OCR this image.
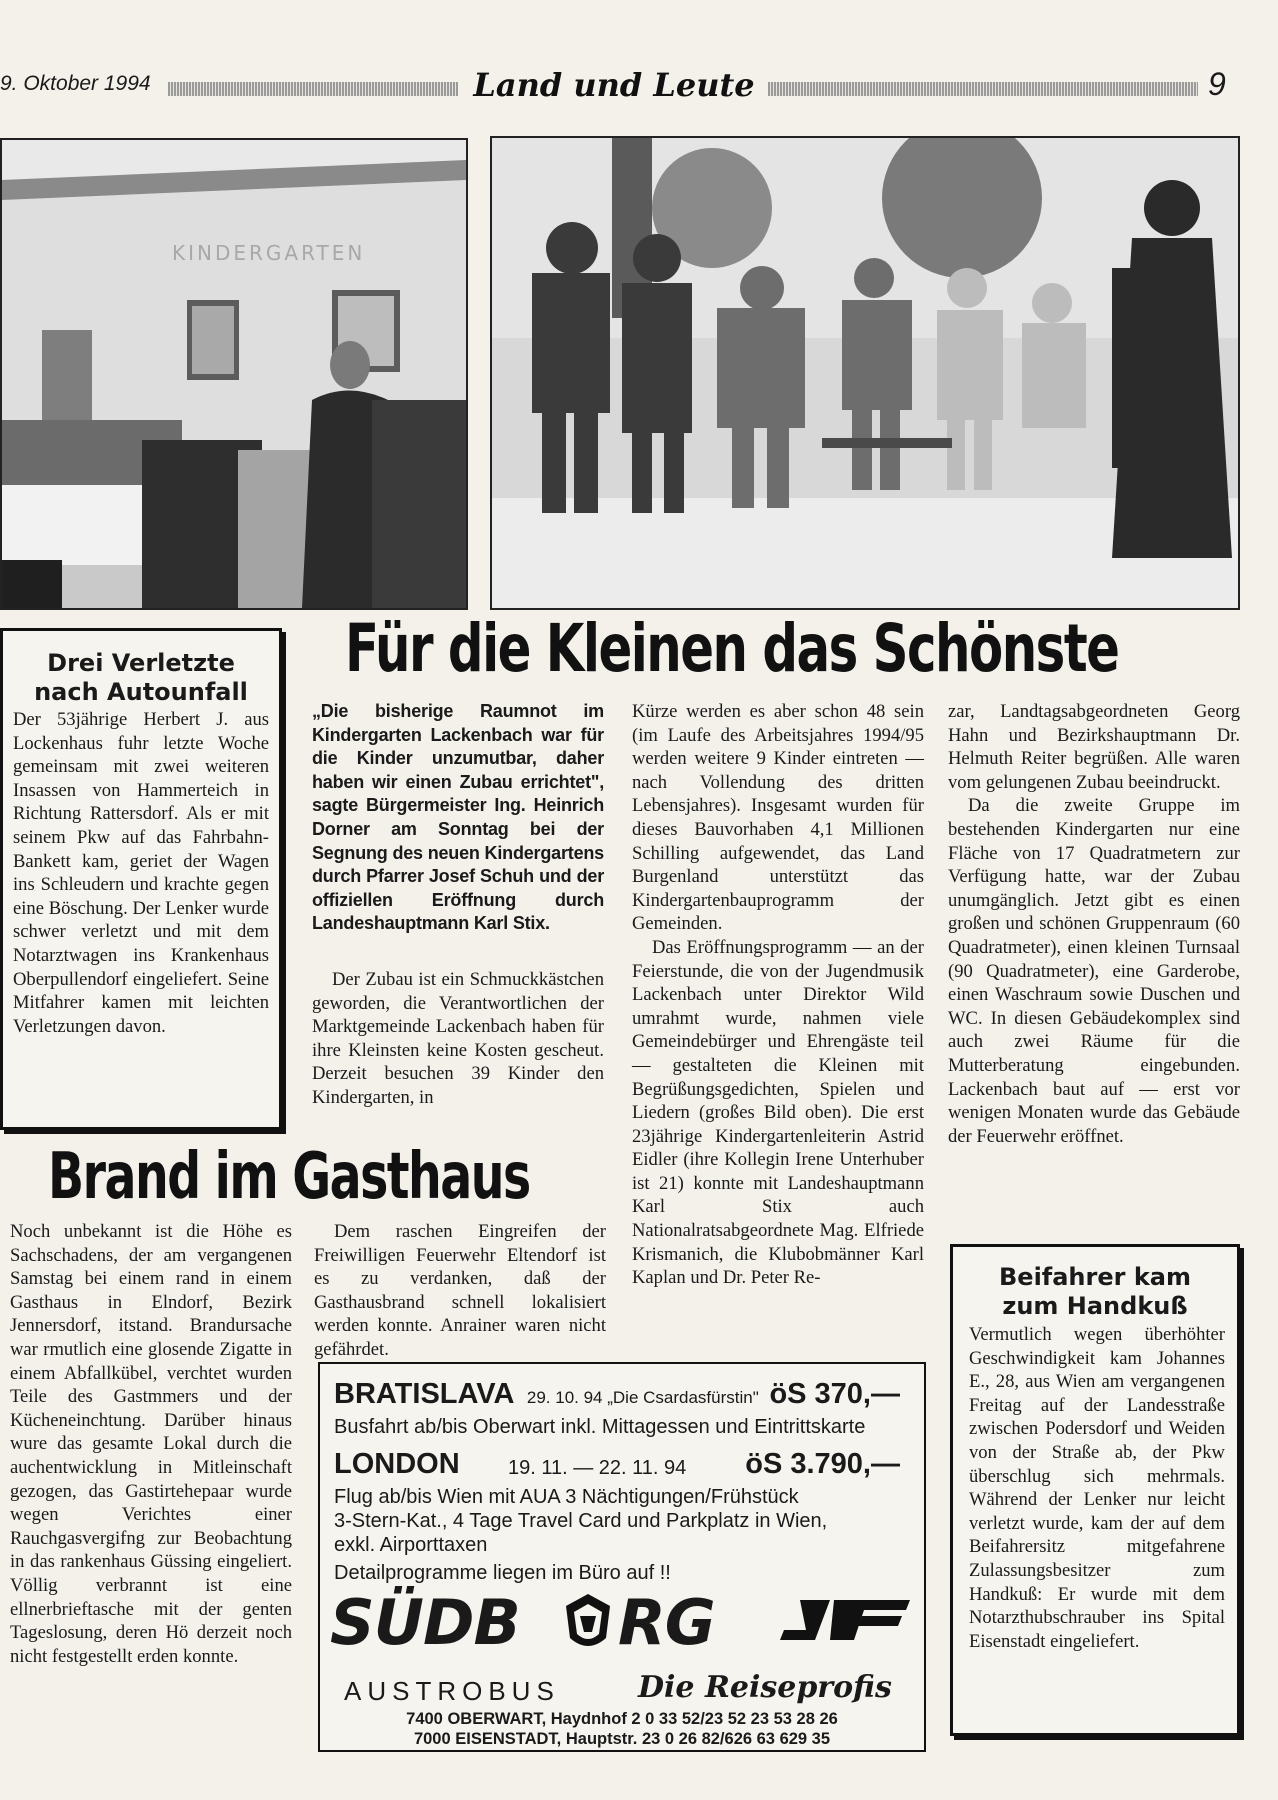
9. Oktober 1994	Land und Leute	9
KINDERGARTEN
Drei Verletzte
nach Autounfall
Der 53jährige Herbert J. aus Lockenhaus fuhr letzte Woche gemeinsam mit zwei weiteren Insassen von Hammerteich in Richtung Rattersdorf. Als er mit seinem Pkw auf das Fahrbahn-Bankett kam, geriet der Wagen ins Schleudern und krachte gegen eine Böschung. Der Lenker wurde schwer verletzt und mit dem Notarztwagen ins Krankenhaus Oberpullendorf eingeliefert. Seine Mitfahrer kamen mit leichten Verletzungen davon.
Für die Kleinen das Schönste
„Die bisherige Raumnot im Kindergarten Lackenbach war für die Kinder unzumutbar, daher haben wir einen Zubau errichtet", sagte Bürgermeister Ing. Heinrich Dorner am Sonntag bei der Segnung des neuen Kindergartens durch Pfarrer Josef Schuh und der offiziellen Eröffnung durch Landeshauptmann Karl Stix.
Der Zubau ist ein Schmuckkästchen geworden, die Verantwortlichen der Marktgemeinde Lackenbach haben für ihre Kleinsten keine Kosten gescheut. Derzeit besuchen 39 Kinder den Kindergarten, in
Kürze werden es aber schon 48 sein (im Laufe des Arbeitsjahres 1994/95 werden weitere 9 Kinder eintreten — nach Vollendung des dritten Lebensjahres). Insgesamt wurden für dieses Bauvorhaben 4,1 Millionen Schilling aufgewendet, das Land Burgenland unterstützt das Kindergartenbauprogramm der Gemeinden.
Das Eröffnungsprogramm — an der Feierstunde, die von der Jugendmusik Lackenbach unter Direktor Wild umrahmt wurde, nahmen viele Gemeindebürger und Ehrengäste teil — gestalteten die Kleinen mit Begrüßungsgedichten, Spielen und Liedern (großes Bild oben). Die erst 23jährige Kindergartenleiterin Astrid Eidler (ihre Kollegin Irene Unterhuber ist 21) konnte mit Landeshauptmann Karl Stix auch Nationalratsabgeordnete Mag. Elfriede Krismanich, die Klubobmänner Karl Kaplan und Dr. Peter Re-
zar, Landtagsabgeordneten Georg Hahn und Bezirkshauptmann Dr. Helmuth Reiter begrüßen. Alle waren vom gelungenen Zubau beeindruckt.
Da die zweite Gruppe im bestehenden Kindergarten nur eine Fläche von 17 Quadratmetern zur Verfügung hatte, war der Zubau unumgänglich. Jetzt gibt es einen großen und schönen Gruppenraum (60 Quadratmeter), einen kleinen Turnsaal (90 Quadratmeter), eine Garderobe, einen Waschraum sowie Duschen und WC. In diesen Gebäudekomplex sind auch zwei Räume für die Mutterberatung eingebunden. Lackenbach baut auf — erst vor wenigen Monaten wurde das Gebäude der Feuerwehr eröffnet.
Brand im Gasthaus
Noch unbekannt ist die Höhe es Sachschadens, der am vergangenen Samstag bei einem rand in einem Gasthaus in Elndorf, Bezirk Jennersdorf, itstand. Brandursache war rmutlich eine glosende Zigatte in einem Abfallkübel, verchtet wurden Teile des Gastmmers und der Kücheneinchtung. Darüber hinaus wure das gesamte Lokal durch die auchentwicklung in Mitleinschaft gezogen, das Gastirtehepaar wurde wegen Verichtes einer Rauchgasvergifng zur Beobachtung in das rankenhaus Güssing eingeliert. Völlig verbrannt ist eine ellnerbrieftasche mit der genten Tageslosung, deren Hö derzeit noch nicht festgestellt erden konnte.
Dem raschen Eingreifen der Freiwilligen Feuerwehr Eltendorf ist es zu verdanken, daß der Gasthausbrand schnell lokalisiert werden konnte. Anrainer waren nicht gefährdet.
BRATISLAVA 29. 10. 94 „Die Csardasfürstin" öS 370,—
Busfahrt ab/bis Oberwart inkl. Mittagessen und Eintrittskarte
LONDON 19. 11. — 22. 11. 94 öS 3.790,—
Flug ab/bis Wien mit AUA 3 Nächtigungen/Frühstück
3-Stern-Kat., 4 Tage Travel Card und Parkplatz in Wien,
exkl. Airporttaxen
Detailprogramme liegen im Büro auf !!
SÜDB RG
AUSTROBUS	Die Reiseprofis
7400 OBERWART, Haydnhof 2 0 33 52/23 52 23 53 28 26
7000 EISENSTADT, Hauptstr. 23 0 26 82/626 63 629 35
Beifahrer kam
zum Handkuß
Vermutlich wegen überhöhter Geschwindigkeit kam Johannes E., 28, aus Wien am vergangenen Freitag auf der Landesstraße zwischen Podersdorf und Weiden von der Straße ab, der Pkw überschlug sich mehrmals. Während der Lenker nur leicht verletzt wurde, kam der auf dem Beifahrersitz mitgefahrene Zulassungsbesitzer zum Handkuß: Er wurde mit dem Notarzthubschrauber ins Spital Eisenstadt eingeliefert.
